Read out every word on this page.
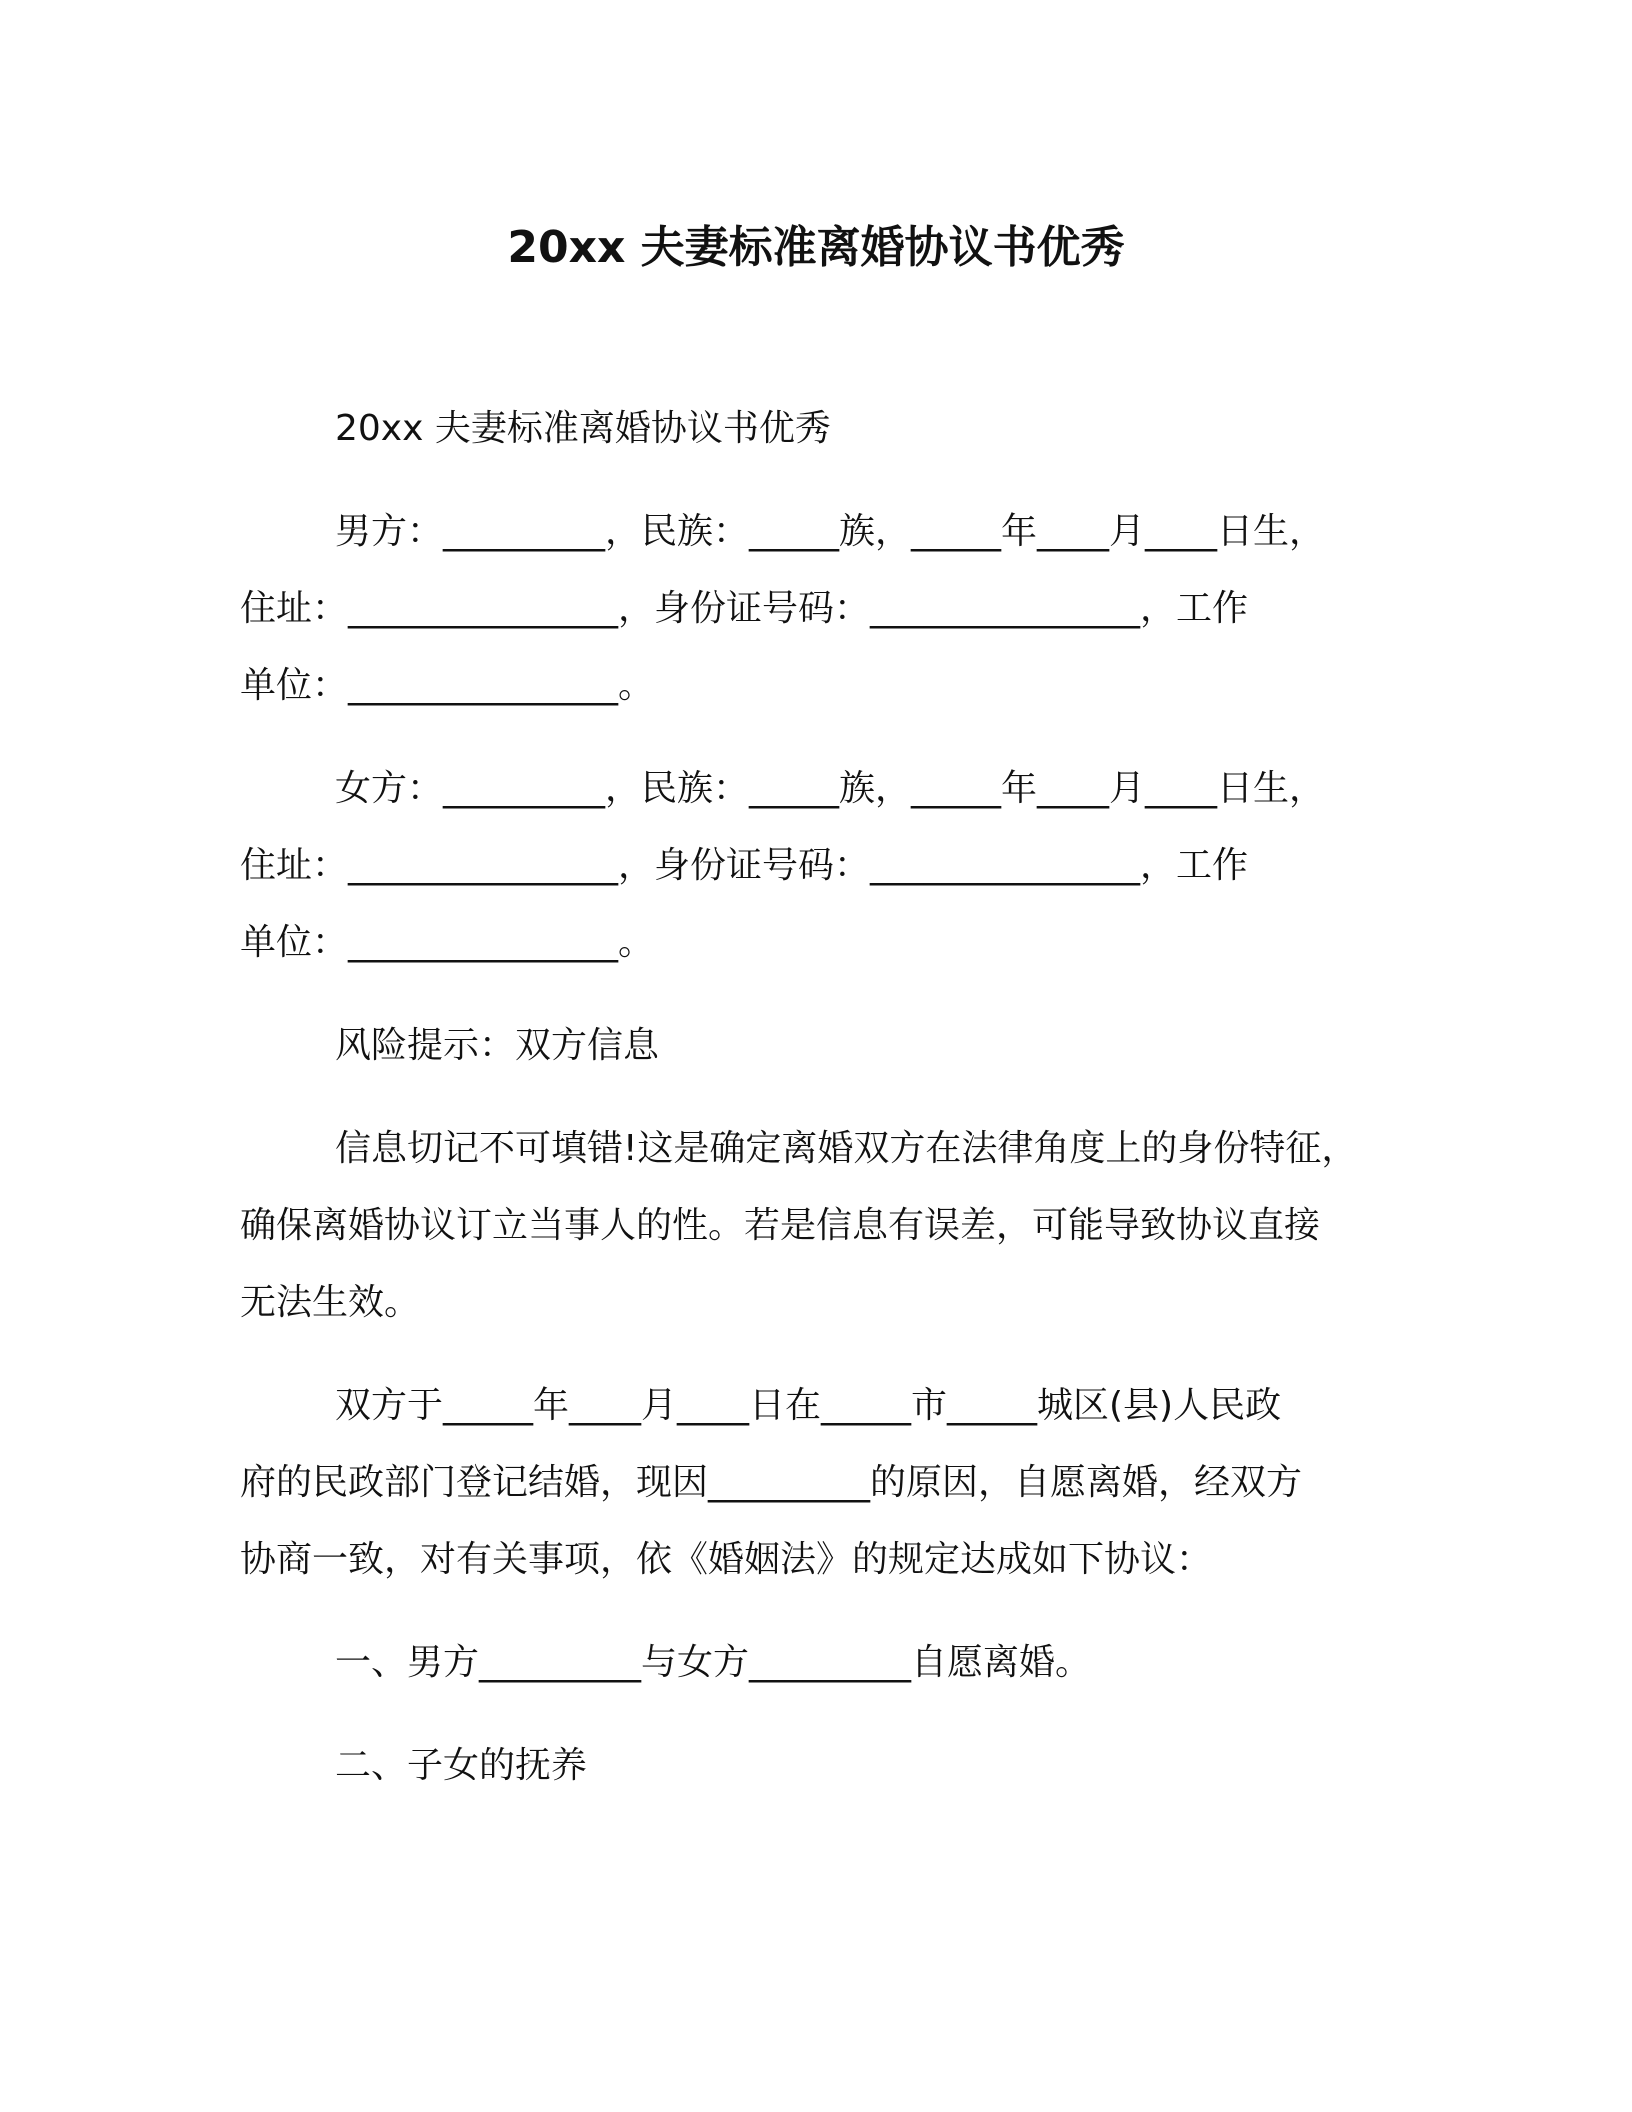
20xx 夫妻标准离婚协议书优秀
20xx 夫妻标准离婚协议书优秀
男方：_________，民族：_____族，_____年____月____日生，
住址：_______________，身份证号码：_______________，工作
单位：_______________。
女方：_________，民族：_____族，_____年____月____日生，
住址：_______________，身份证号码：_______________，工作
单位：_______________。
风险提示：双方信息
信息切记不可填错!这是确定离婚双方在法律角度上的身份特征，
确保离婚协议订立当事人的性。若是信息有误差，可能导致协议直接
无法生效。
双方于_____年____月____日在_____市_____城区(县)人民政
府的民政部门登记结婚，现因_________的原因，自愿离婚，经双方
协商一致，对有关事项，依《婚姻法》的规定达成如下协议：
一、男方_________与女方_________自愿离婚。
二、子女的抚养
